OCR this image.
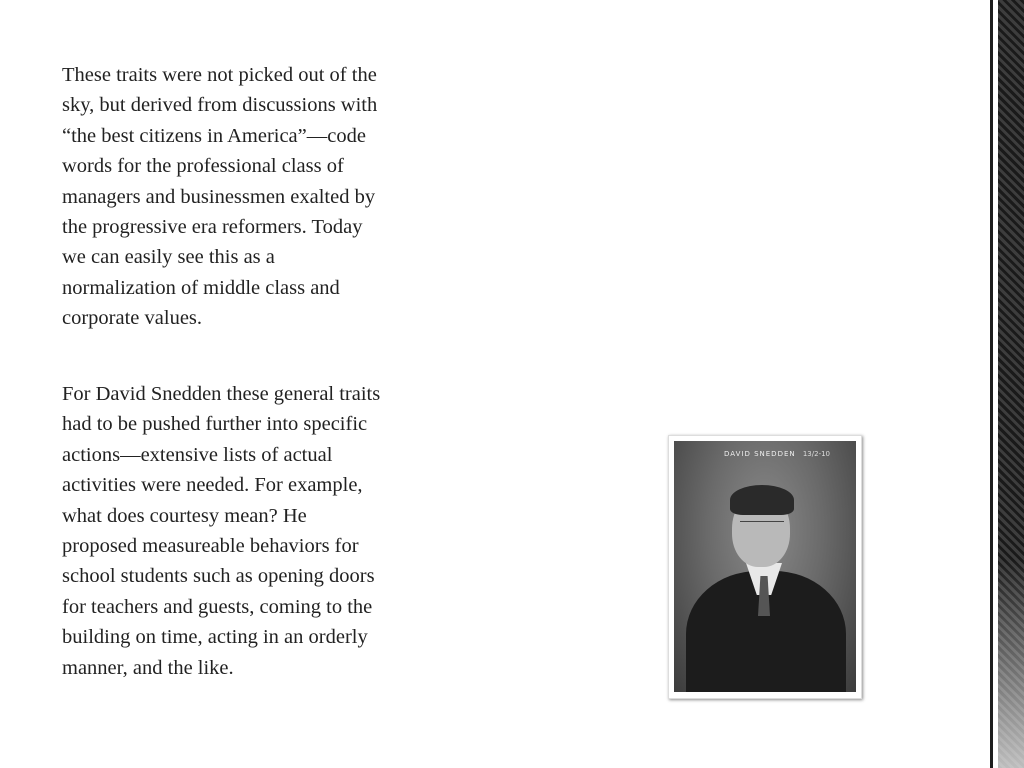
These traits were not picked out of the
sky, but derived from discussions with
“the best citizens in America”—code
words for the professional class of
managers and businessmen exalted by
the progressive era reformers. Today
we can easily see this as a
normalization of middle class and
corporate values.
For David Snedden these general traits
had to be pushed further into specific
actions—extensive lists of actual
activities were needed. For example,
what does courtesy mean? He
proposed measureable behaviors for
school students such as opening doors
for teachers and guests, coming to the
building on time, acting in an orderly
manner, and the like.
DAVID SNEDDEN 13/2-10
